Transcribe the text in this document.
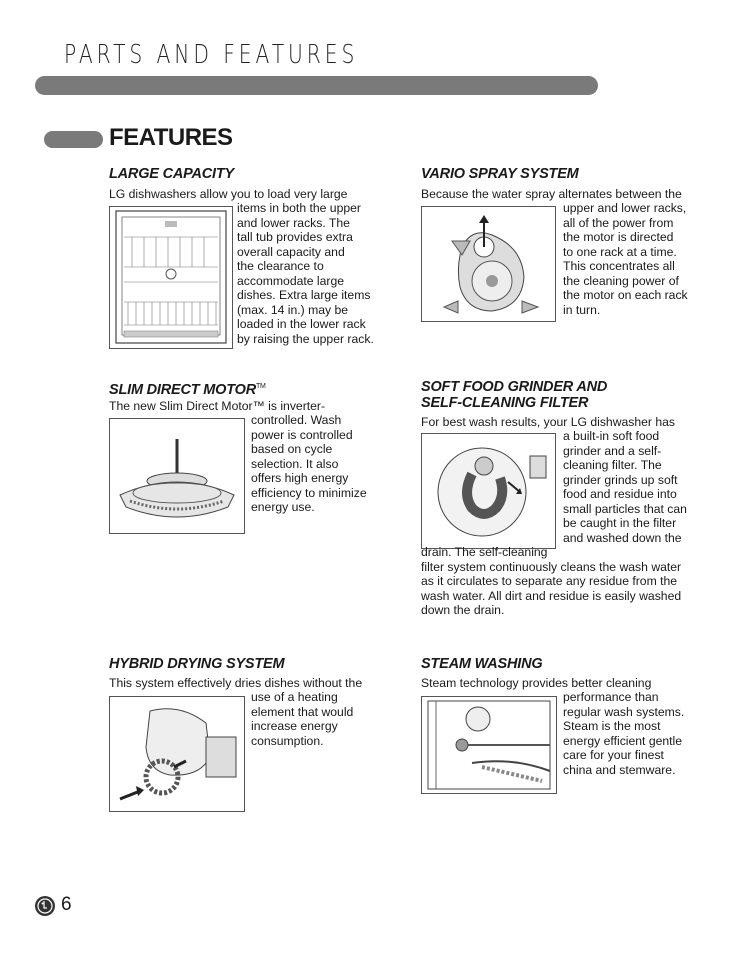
PARTS AND FEATURES
FEATURES
LARGE CAPACITY
LG dishwashers allow you to load very large
items in both the upper
and lower racks. The
tall tub provides extra
overall capacity and
the clearance to
accommodate large
dishes. Extra large items
(max. 14 in.) may be
loaded in the lower rack
by raising the upper rack.
VARIO SPRAY SYSTEM
Because the water spray alternates between the
upper and lower racks,
all of the power from
the motor is directed
to one rack at a time.
This concentrates all
the cleaning power of
the motor on each rack
in turn.
SLIM DIRECT MOTOR™
The new Slim Direct Motor™ is inverter-
controlled. Wash
power is controlled
based on cycle
selection. It also
offers high energy
efficiency to minimize
energy use.
SOFT FOOD GRINDER AND
SELF-CLEANING FILTER
For best wash results, your LG dishwasher has
a built-in soft food
grinder and a self-
cleaning filter. The
grinder grinds up soft
food and residue into
small particles that can
be caught in the filter
and washed down the
drain. The self-cleaning
filter system continuously cleans the wash water
as it circulates to separate any residue from the
wash water. All dirt and residue is easily washed
down the drain.
HYBRID DRYING SYSTEM
This system effectively dries dishes without the
use of a heating
element that would
increase energy
consumption.
STEAM WASHING
Steam technology provides better cleaning
performance than
regular wash systems.
Steam is the most
energy efficient gentle
care for your finest
china and stemware.
6
